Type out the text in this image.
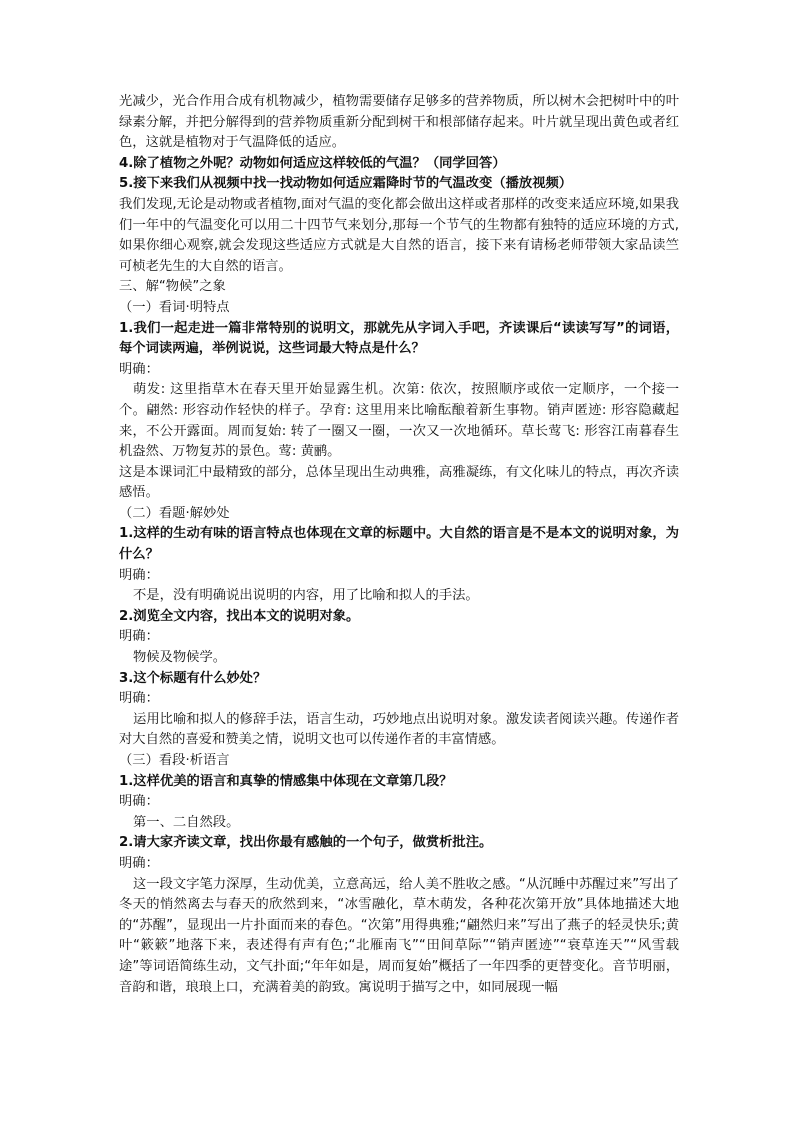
光减少，光合作用合成有机物减少，植物需要储存足够多的营养物质，所以树木会把树叶中的叶绿素分解，并把分解得到的营养物质重新分配到树干和根部储存起来。叶片就呈现出黄色或者红色，这就是植物对于气温降低的适应。

4.除了植物之外呢？动物如何适应这样较低的气温？（同学回答）

5.接下来我们从视频中找一找动物如何适应霜降时节的气温改变（播放视频）

我们发现,无论是动物或者植物,面对气温的变化都会做出这样或者那样的改变来适应环境,如果我们一年中的气温变化可以用二十四节气来划分,那每一个节气的生物都有独特的适应环境的方式,如果你细心观察,就会发现这些适应方式就是大自然的语言，接下来有请杨老师带领大家品读竺可桢老先生的大自然的语言。

三、解“物候”之象

（一）看词·明特点

1.我们一起走进一篇非常特别的说明文，那就先从字词入手吧，齐读课后“读读写写”的词语，每个词读两遍，举例说说，这些词最大特点是什么？

明确：

萌发: 这里指草木在春天里开始显露生机。次第: 依次，按照顺序或依一定顺序，一个接一个。翩然: 形容动作轻快的样子。孕育: 这里用来比喻酝酿着新生事物。销声匿迹: 形容隐藏起来，不公开露面。周而复始: 转了一圈又一圈，一次又一次地循环。草长莺飞: 形容江南暮春生机盎然、万物复苏的景色。莺: 黄鹂。

这是本课词汇中最精致的部分，总体呈现出生动典雅，高雅凝练，有文化味儿的特点，再次齐读感悟。

（二）看题·解妙处

1.这样的生动有味的语言特点也体现在文章的标题中。大自然的语言是不是本文的说明对象，为什么？

明确：

不是，没有明确说出说明的内容，用了比喻和拟人的手法。

2.浏览全文内容，找出本文的说明对象。

明确：

物候及物候学。

3.这个标题有什么妙处？

明确：

运用比喻和拟人的修辞手法，语言生动，巧妙地点出说明对象。激发读者阅读兴趣。传递作者对大自然的喜爱和赞美之情，说明文也可以传递作者的丰富情感。

（三）看段·析语言

1.这样优美的语言和真挚的情感集中体现在文章第几段？

明确：

第一、二自然段。

2.请大家齐读文章，找出你最有感触的一个句子，做赏析批注。

明确：

这一段文字笔力深厚，生动优美，立意高远，给人美不胜收之感。“从沉睡中苏醒过来”写出了冬天的悄然离去与春天的欣然到来，“冰雪融化，草木萌发，各种花次第开放”具体地描述大地的“苏醒”，显现出一片扑面而来的春色。“次第”用得典雅;“翩然归来”写出了燕子的轻灵快乐;黄叶“簌簌”地落下来，表述得有声有色;“北雁南飞”“田间草际”“销声匿迹”“衰草连天”“风雪载途”等词语简练生动，文气扑面;“年年如是，周而复始”概括了一年四季的更替变化。音节明丽，音韵和谐，琅琅上口，充满着美的韵致。寓说明于描写之中，如同展现一幅
